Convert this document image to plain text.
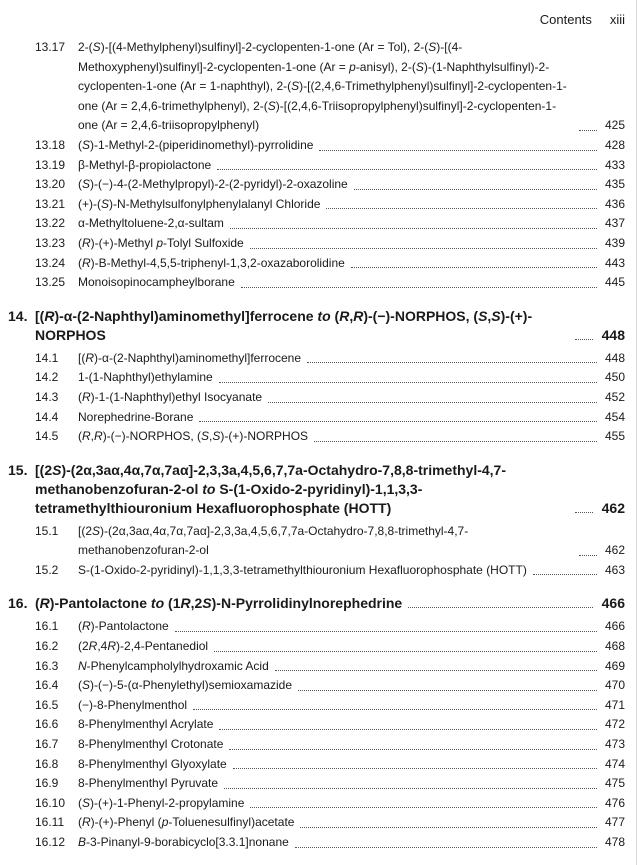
Contents xiii
13.17	2-(S)-[(4-Methylphenyl)sulfinyl]-2-cyclopenten-1-one (Ar = Tol), 2-(S)-[(4-Methoxyphenyl)sulfinyl]-2-cyclopenten-1-one (Ar = p-anisyl), 2-(S)-(1-Naphthylsulfinyl)-2-cyclopenten-1-one (Ar = 1-naphthyl), 2-(S)-[(2,4,6-Trimethylphenyl)sulfinyl]-2-cyclopenten-1-one (Ar = 2,4,6-trimethylphenyl), 2-(S)-[(2,4,6-Triisopropylphenyl)sulfinyl]-2-cyclopenten-1-one (Ar = 2,4,6-triisopropylphenyl)	425
13.18	(S)-1-Methyl-2-(piperidinomethyl)-pyrrolidine	428
13.19	β-Methyl-β-propiolactone	433
13.20	(S)-(−)-4-(2-Methylpropyl)-2-(2-pyridyl)-2-oxazoline	435
13.21	(+)-(S)-N-Methylsulfonylphenylalanyl Chloride	436
13.22	α-Methyltoluene-2,α-sultam	437
13.23	(R)-(+)-Methyl p-Tolyl Sulfoxide	439
13.24	(R)-B-Methyl-4,5,5-triphenyl-1,3,2-oxazaborolidine	443
13.25	Monoisopinocampheylborane	445
14. [(R)-α-(2-Naphthyl)aminomethyl]ferrocene to (R,R)-(−)-NORPHOS, (S,S)-(+)-NORPHOS	448
14.1	[(R)-α-(2-Naphthyl)aminomethyl]ferrocene	448
14.2	1-(1-Naphthyl)ethylamine	450
14.3	(R)-1-(1-Naphthyl)ethyl Isocyanate	452
14.4	Norephedrine-Borane	454
14.5	(R,R)-(−)-NORPHOS, (S,S)-(+)-NORPHOS	455
15. [(2S)-(2α,3aα,4α,7α,7aα]-2,3,3a,4,5,6,7,7a-Octahydro-7,8,8-trimethyl-4,7-methanobenzofuran-2-ol to S-(1-Oxido-2-pyridinyl)-1,1,3,3-tetramethylthiouronium Hexafluorophosphate (HOTT)	462
15.1	[(2S)-(2α,3aα,4α,7α,7aα]-2,3,3a,4,5,6,7,7a-Octahydro-7,8,8-trimethyl-4,7-methanobenzofuran-2-ol	462
15.2	S-(1-Oxido-2-pyridinyl)-1,1,3,3-tetramethylthiouronium Hexafluorophosphate (HOTT)	463
16. (R)-Pantolactone to (1R,2S)-N-Pyrrolidinylnorephedrine	466
16.1	(R)-Pantolactone	466
16.2	(2R,4R)-2,4-Pentanediol	468
16.3	N-Phenylcampholylhydroxamic Acid	469
16.4	(S)-(−)-5-(α-Phenylethyl)semioxamazide	470
16.5	(−)-8-Phenylmenthol	471
16.6	8-Phenylmenthyl Acrylate	472
16.7	8-Phenylmenthyl Crotonate	473
16.8	8-Phenylmenthyl Glyoxylate	474
16.9	8-Phenylmenthyl Pyruvate	475
16.10	(S)-(+)-1-Phenyl-2-propylamine	476
16.11	(R)-(+)-Phenyl (p-Toluenesulfinyl)acetate	477
16.12	B-3-Pinanyl-9-borabicyclo[3.3.1]nonane	478
